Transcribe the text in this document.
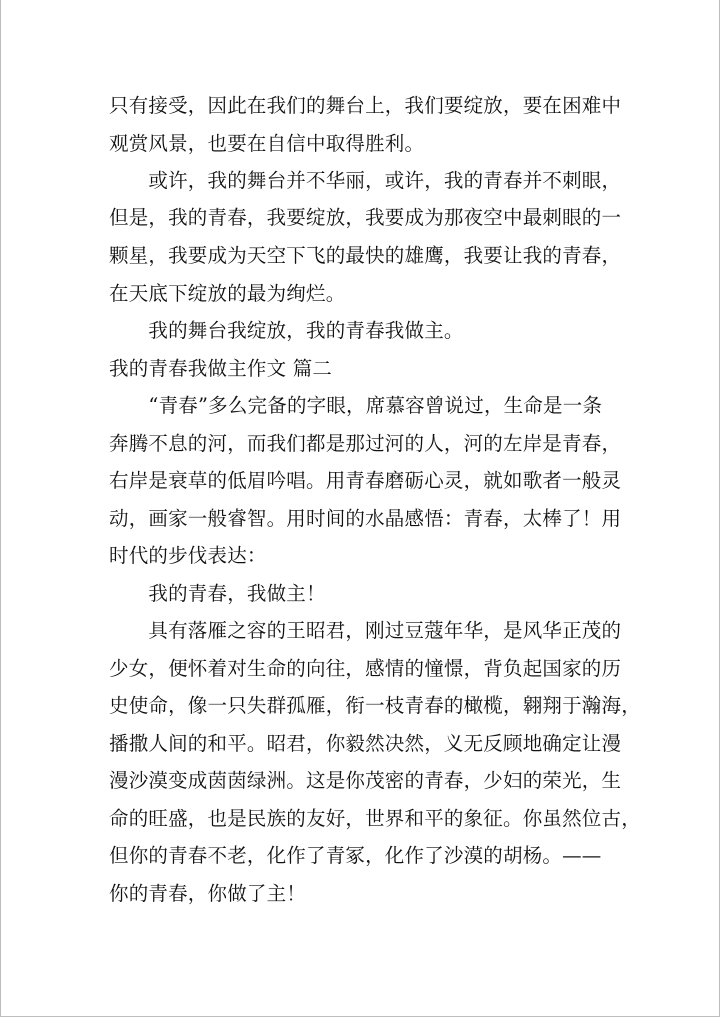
只有接受，因此在我们的舞台上，我们要绽放，要在困难中
观赏风景，也要在自信中取得胜利。
　　或许，我的舞台并不华丽，或许，我的青春并不刺眼，
但是，我的青春，我要绽放，我要成为那夜空中最刺眼的一
颗星，我要成为天空下飞的最快的雄鹰，我要让我的青春，
在天底下绽放的最为绚烂。
　　我的舞台我绽放，我的青春我做主。
我的青春我做主作文 篇二
　　“青春”多么完备的字眼，席慕容曾说过，生命是一条
奔腾不息的河，而我们都是那过河的人，河的左岸是青春，
右岸是衰草的低眉吟唱。用青春磨砺心灵，就如歌者一般灵
动，画家一般睿智。用时间的水晶感悟：青春，太棒了！用
时代的步伐表达：
　　我的青春，我做主！
　　具有落雁之容的王昭君，刚过豆蔻年华，是风华正茂的
少女，便怀着对生命的向往，感情的憧憬，背负起国家的历
史使命，像一只失群孤雁，衔一枝青春的橄榄，翱翔于瀚海，
播撒人间的和平。昭君，你毅然决然，义无反顾地确定让漫
漫沙漠变成茵茵绿洲。这是你茂密的青春，少妇的荣光，生
命的旺盛，也是民族的友好，世界和平的象征。你虽然位古，
但你的青春不老，化作了青冢，化作了沙漠的胡杨。——
你的青春，你做了主！
